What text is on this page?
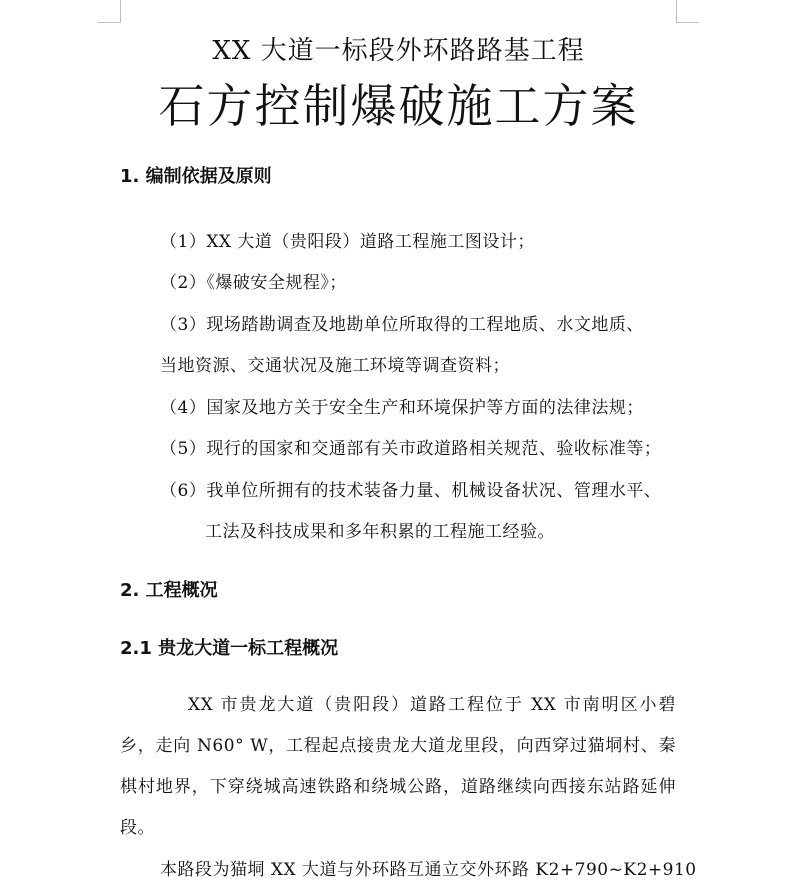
XX 大道一标段外环路路基工程
石方控制爆破施工方案
1. 编制依据及原则
（1）XX 大道（贵阳段）道路工程施工图设计；
（2）《爆破安全规程》；
（3）现场踏勘调查及地勘单位所取得的工程地质、水文地质、
当地资源、交通状况及施工环境等调查资料；
（4）国家及地方关于安全生产和环境保护等方面的法律法规；
（5）现行的国家和交通部有关市政道路相关规范、验收标准等；
（6）我单位所拥有的技术装备力量、机械设备状况、管理水平、
工法及科技成果和多年积累的工程施工经验。
2. 工程概况
2.1 贵龙大道一标工程概况

XX 市贵龙大道（贵阳段）道路工程位于 XX 市南明区小碧乡，走向 N60° W，工程起点接贵龙大道龙里段，向西穿过猫垌村、秦棋村地界，下穿绕城高速铁路和绕城公路，道路继续向西接东站路延伸段。

本路段为猫垌 XX 大道与外环路互通立交外环路 K2+790~K2+910
